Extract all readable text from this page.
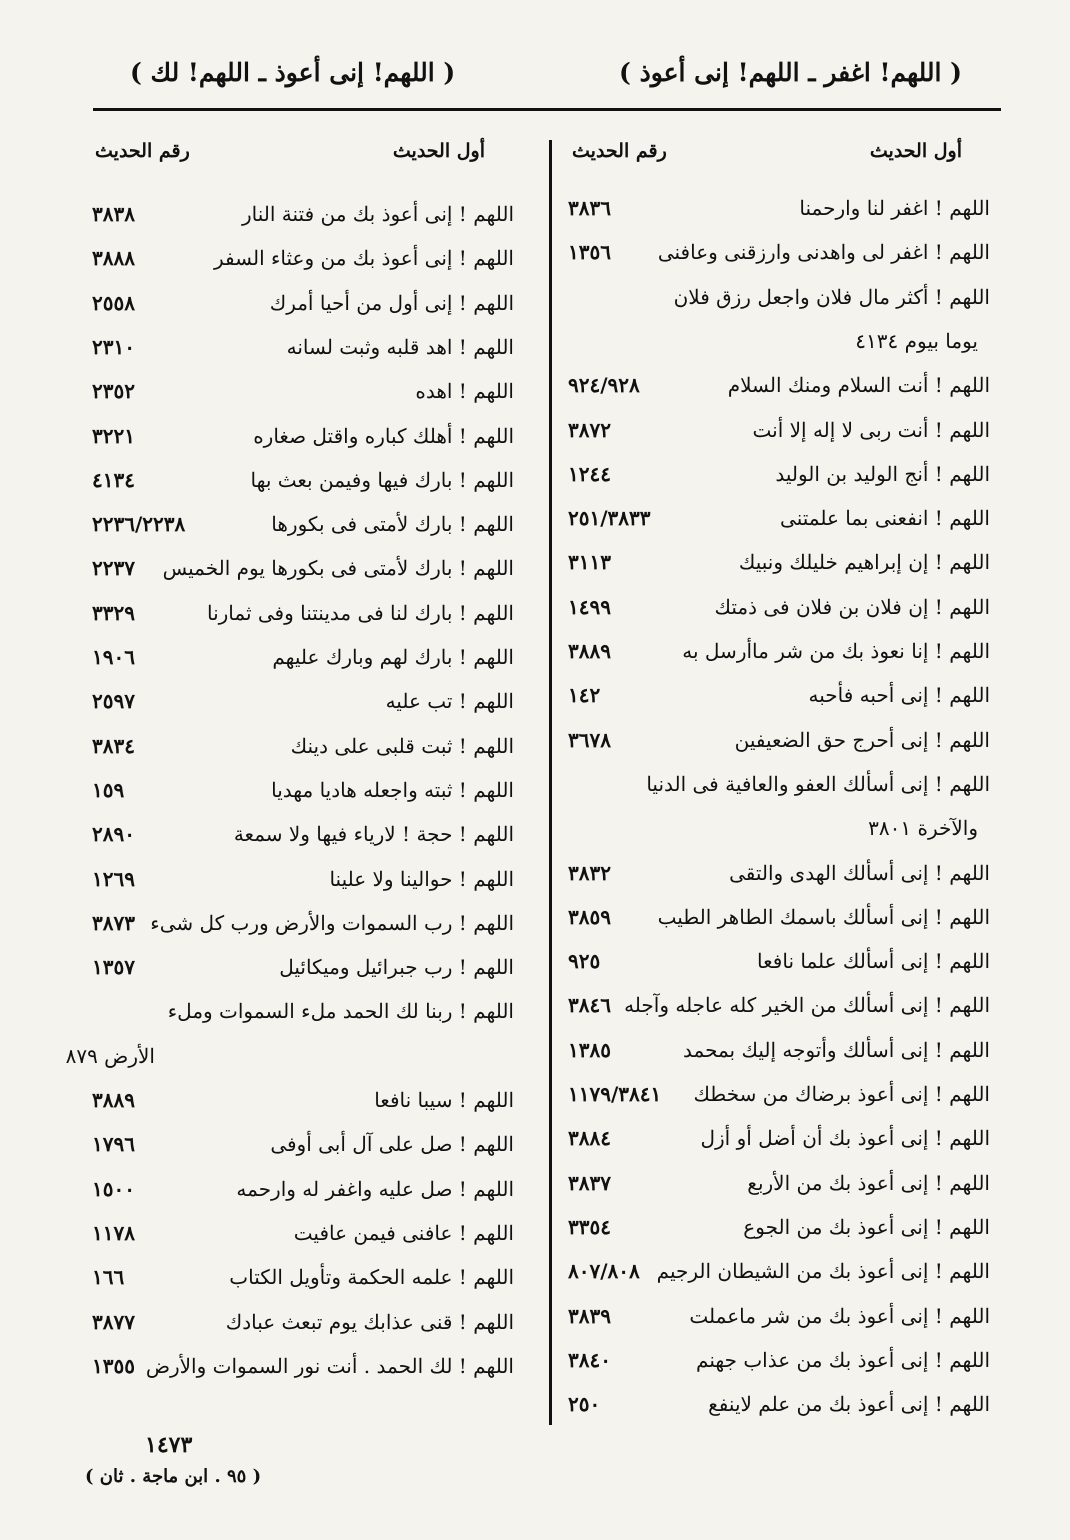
( اللهم! اغفر ـ اللهم! إنى أعوذ )
( اللهم! إنى أعوذ ـ اللهم! لك )
أول الحديث
رقم الحديث
أول الحديث
رقم الحديث
اللهم ! اغفر لنا وارحمنا
٣٨٣٦
اللهم ! اغفر لى واهدنى وارزقنى وعافنى
١٣٥٦
اللهم ! أكثر مال فلان واجعل رزق فلان
يوما بيوم ٤١٣٤
اللهم ! أنت السلام ومنك السلام
٩٢٤/٩٢٨
اللهم ! أنت ربى لا إله إلا أنت
٣٨٧٢
اللهم ! أنج الوليد بن الوليد
١٢٤٤
اللهم ! انفعنى بما علمتنى
٢٥١/٣٨٣٣
اللهم ! إن إبراهيم خليلك ونبيك
٣١١٣
اللهم ! إن فلان بن فلان فى ذمتك
١٤٩٩
اللهم ! إنا نعوذ بك من شر ماأرسل به
٣٨٨٩
اللهم ! إنى أحبه فأحبه
١٤٢
اللهم ! إنى أحرج حق الضعيفين
٣٦٧٨
اللهم ! إنى أسألك العفو والعافية فى الدنيا
والآخرة ٣٨٠١
اللهم ! إنى أسألك الهدى والتقى
٣٨٣٢
اللهم ! إنى أسألك باسمك الطاهر الطيب
٣٨٥٩
اللهم ! إنى أسألك علما نافعا
٩٢٥
اللهم ! إنى أسألك من الخير كله عاجله وآجله
٣٨٤٦
اللهم ! إنى أسألك وأتوجه إليك بمحمد
١٣٨٥
اللهم ! إنى أعوذ برضاك من سخطك
١١٧٩/٣٨٤١
اللهم ! إنى أعوذ بك أن أضل أو أزل
٣٨٨٤
اللهم ! إنى أعوذ بك من الأربع
٣٨٣٧
اللهم ! إنى أعوذ بك من الجوع
٣٣٥٤
اللهم ! إنى أعوذ بك من الشيطان الرجيم
٨٠٧/٨٠٨
اللهم ! إنى أعوذ بك من شر ماعملت
٣٨٣٩
اللهم ! إنى أعوذ بك من عذاب جهنم
٣٨٤٠
اللهم ! إنى أعوذ بك من علم لاينفع
٢٥٠
اللهم ! إنى أعوذ بك من فتنة النار
٣٨٣٨
اللهم ! إنى أعوذ بك من وعثاء السفر
٣٨٨٨
اللهم ! إنى أول من أحيا أمرك
٢٥٥٨
اللهم ! اهد قلبه وثبت لسانه
٢٣١٠
اللهم ! اهده
٢٣٥٢
اللهم ! أهلك كباره واقتل صغاره
٣٢٢١
اللهم ! بارك فيها وفيمن بعث بها
٤١٣٤
اللهم ! بارك لأمتى فى بكورها
٢٢٣٦/٢٢٣٨
اللهم ! بارك لأمتى فى بكورها يوم الخميس
٢٢٣٧
اللهم ! بارك لنا فى مدينتنا وفى ثمارنا
٣٣٢٩
اللهم ! بارك لهم وبارك عليهم
١٩٠٦
اللهم ! تب عليه
٢٥٩٧
اللهم ! ثبت قلبى على دينك
٣٨٣٤
اللهم ! ثبته واجعله هاديا مهديا
١٥٩
اللهم ! حجة ! لارياء فيها ولا سمعة
٢٨٩٠
اللهم ! حوالينا ولا علينا
١٢٦٩
اللهم ! رب السموات والأرض ورب كل شىء
٣٨٧٣
اللهم ! رب جبرائيل وميكائيل
١٣٥٧
اللهم ! ربنا لك الحمد ملء السموات وملء
الأرض ٨٧٩
اللهم ! سيبا نافعا
٣٨٨٩
اللهم ! صل على آل أبى أوفى
١٧٩٦
اللهم ! صل عليه واغفر له وارحمه
١٥٠٠
اللهم ! عافنى فيمن عافيت
١١٧٨
اللهم ! علمه الحكمة وتأويل الكتاب
١٦٦
اللهم ! قنى عذابك يوم تبعث عبادك
٣٨٧٧
اللهم ! لك الحمد . أنت نور السموات والأرض
١٣٥٥
١٤٧٣
( ٩٥ . ابن ماجة . ثان )
